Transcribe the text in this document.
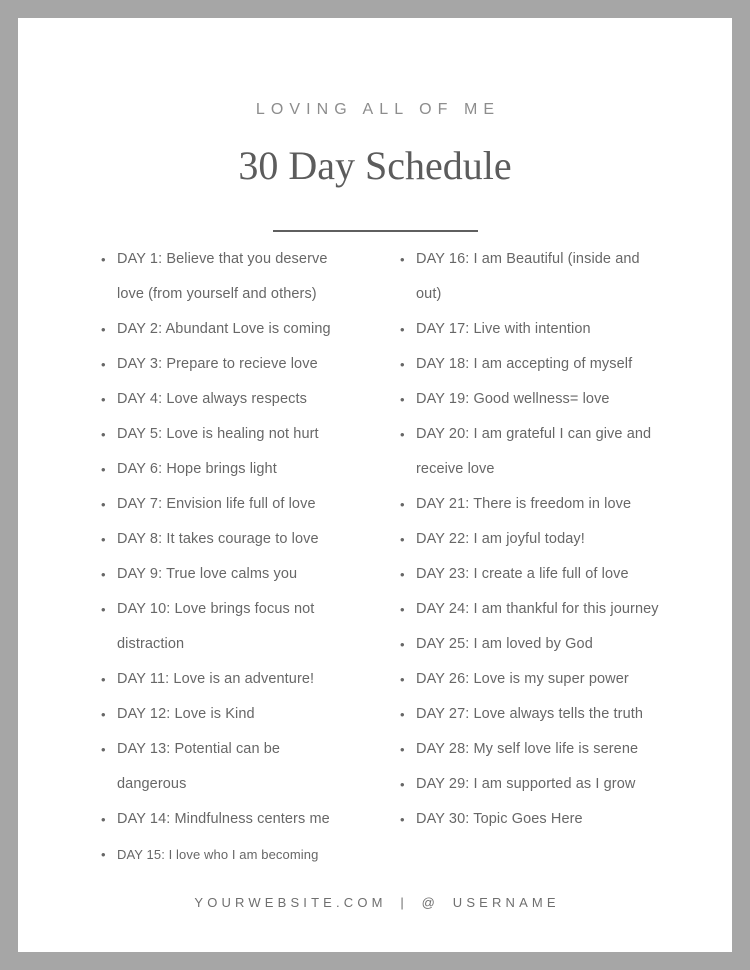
LOVING ALL OF ME
30 Day Schedule
• DAY 1: Believe that you deserve love (from yourself and others)
• DAY 2: Abundant Love is coming
• DAY 3: Prepare to recieve love
• DAY 4: Love always respects
• DAY 5: Love is healing not hurt
• DAY 6: Hope brings light
• DAY 7: Envision life full of love
• DAY 8: It takes courage to love
• DAY 9: True love calms you
• DAY 10: Love brings focus not distraction
• DAY 11: Love is an adventure!
• DAY 12: Love is Kind
• DAY 13: Potential can be dangerous
• DAY 14: Mindfulness centers me
• DAY 15: I love who I am becoming
• DAY 16: I am Beautiful (inside and out)
• DAY 17: Live with intention
• DAY 18: I am accepting of myself
• DAY 19: Good wellness= love
• DAY 20: I am grateful I can give and receive love
• DAY 21: There is freedom in love
• DAY 22: I am joyful today!
• DAY 23: I create a life full of love
• DAY 24: I am thankful for this journey
• DAY 25: I am loved by God
• DAY 26: Love is my super power
• DAY 27: Love always tells the truth
• DAY 28: My self love life is serene
• DAY 29: I am supported as I grow
• DAY 30: Topic Goes Here
YOURWEBSITE.COM | @ USERNAME
